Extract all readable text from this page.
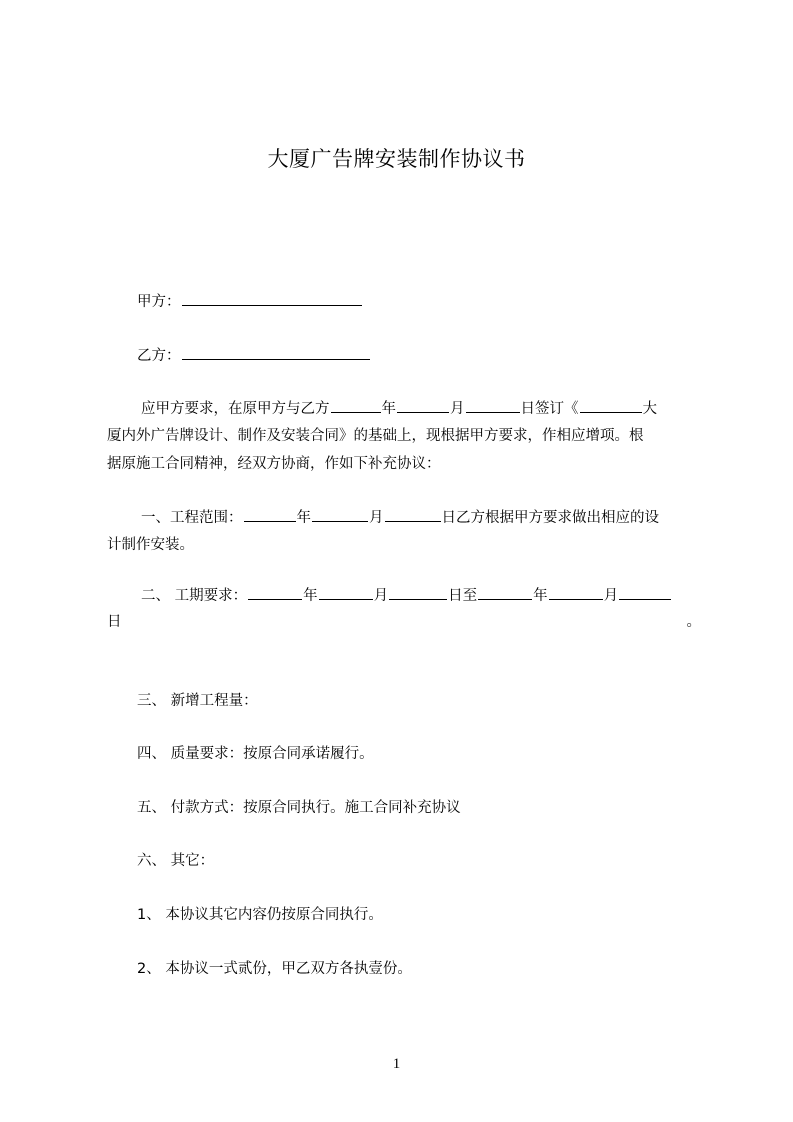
大厦广告牌安装制作协议书
甲方：
乙方：
应甲方要求，在原甲方与乙方	年	月	日签订《	大
厦内外广告牌设计、制作及安装合同》的基础上，现根据甲方要求，作相应增项。根
据原施工合同精神，经双方协商，作如下补充协议：
一、工程范围：	年	月	日乙方根据甲方要求做出相应的设
计制作安装。
二、 工期要求：	年	月	日至	年	月
日	。
三、 新增工程量：
四、 质量要求：按原合同承诺履行。
五、 付款方式：按原合同执行。施工合同补充协议
六、 其它：
1、 本协议其它内容仍按原合同执行。
2、 本协议一式贰份，甲乙双方各执壹份。
1
